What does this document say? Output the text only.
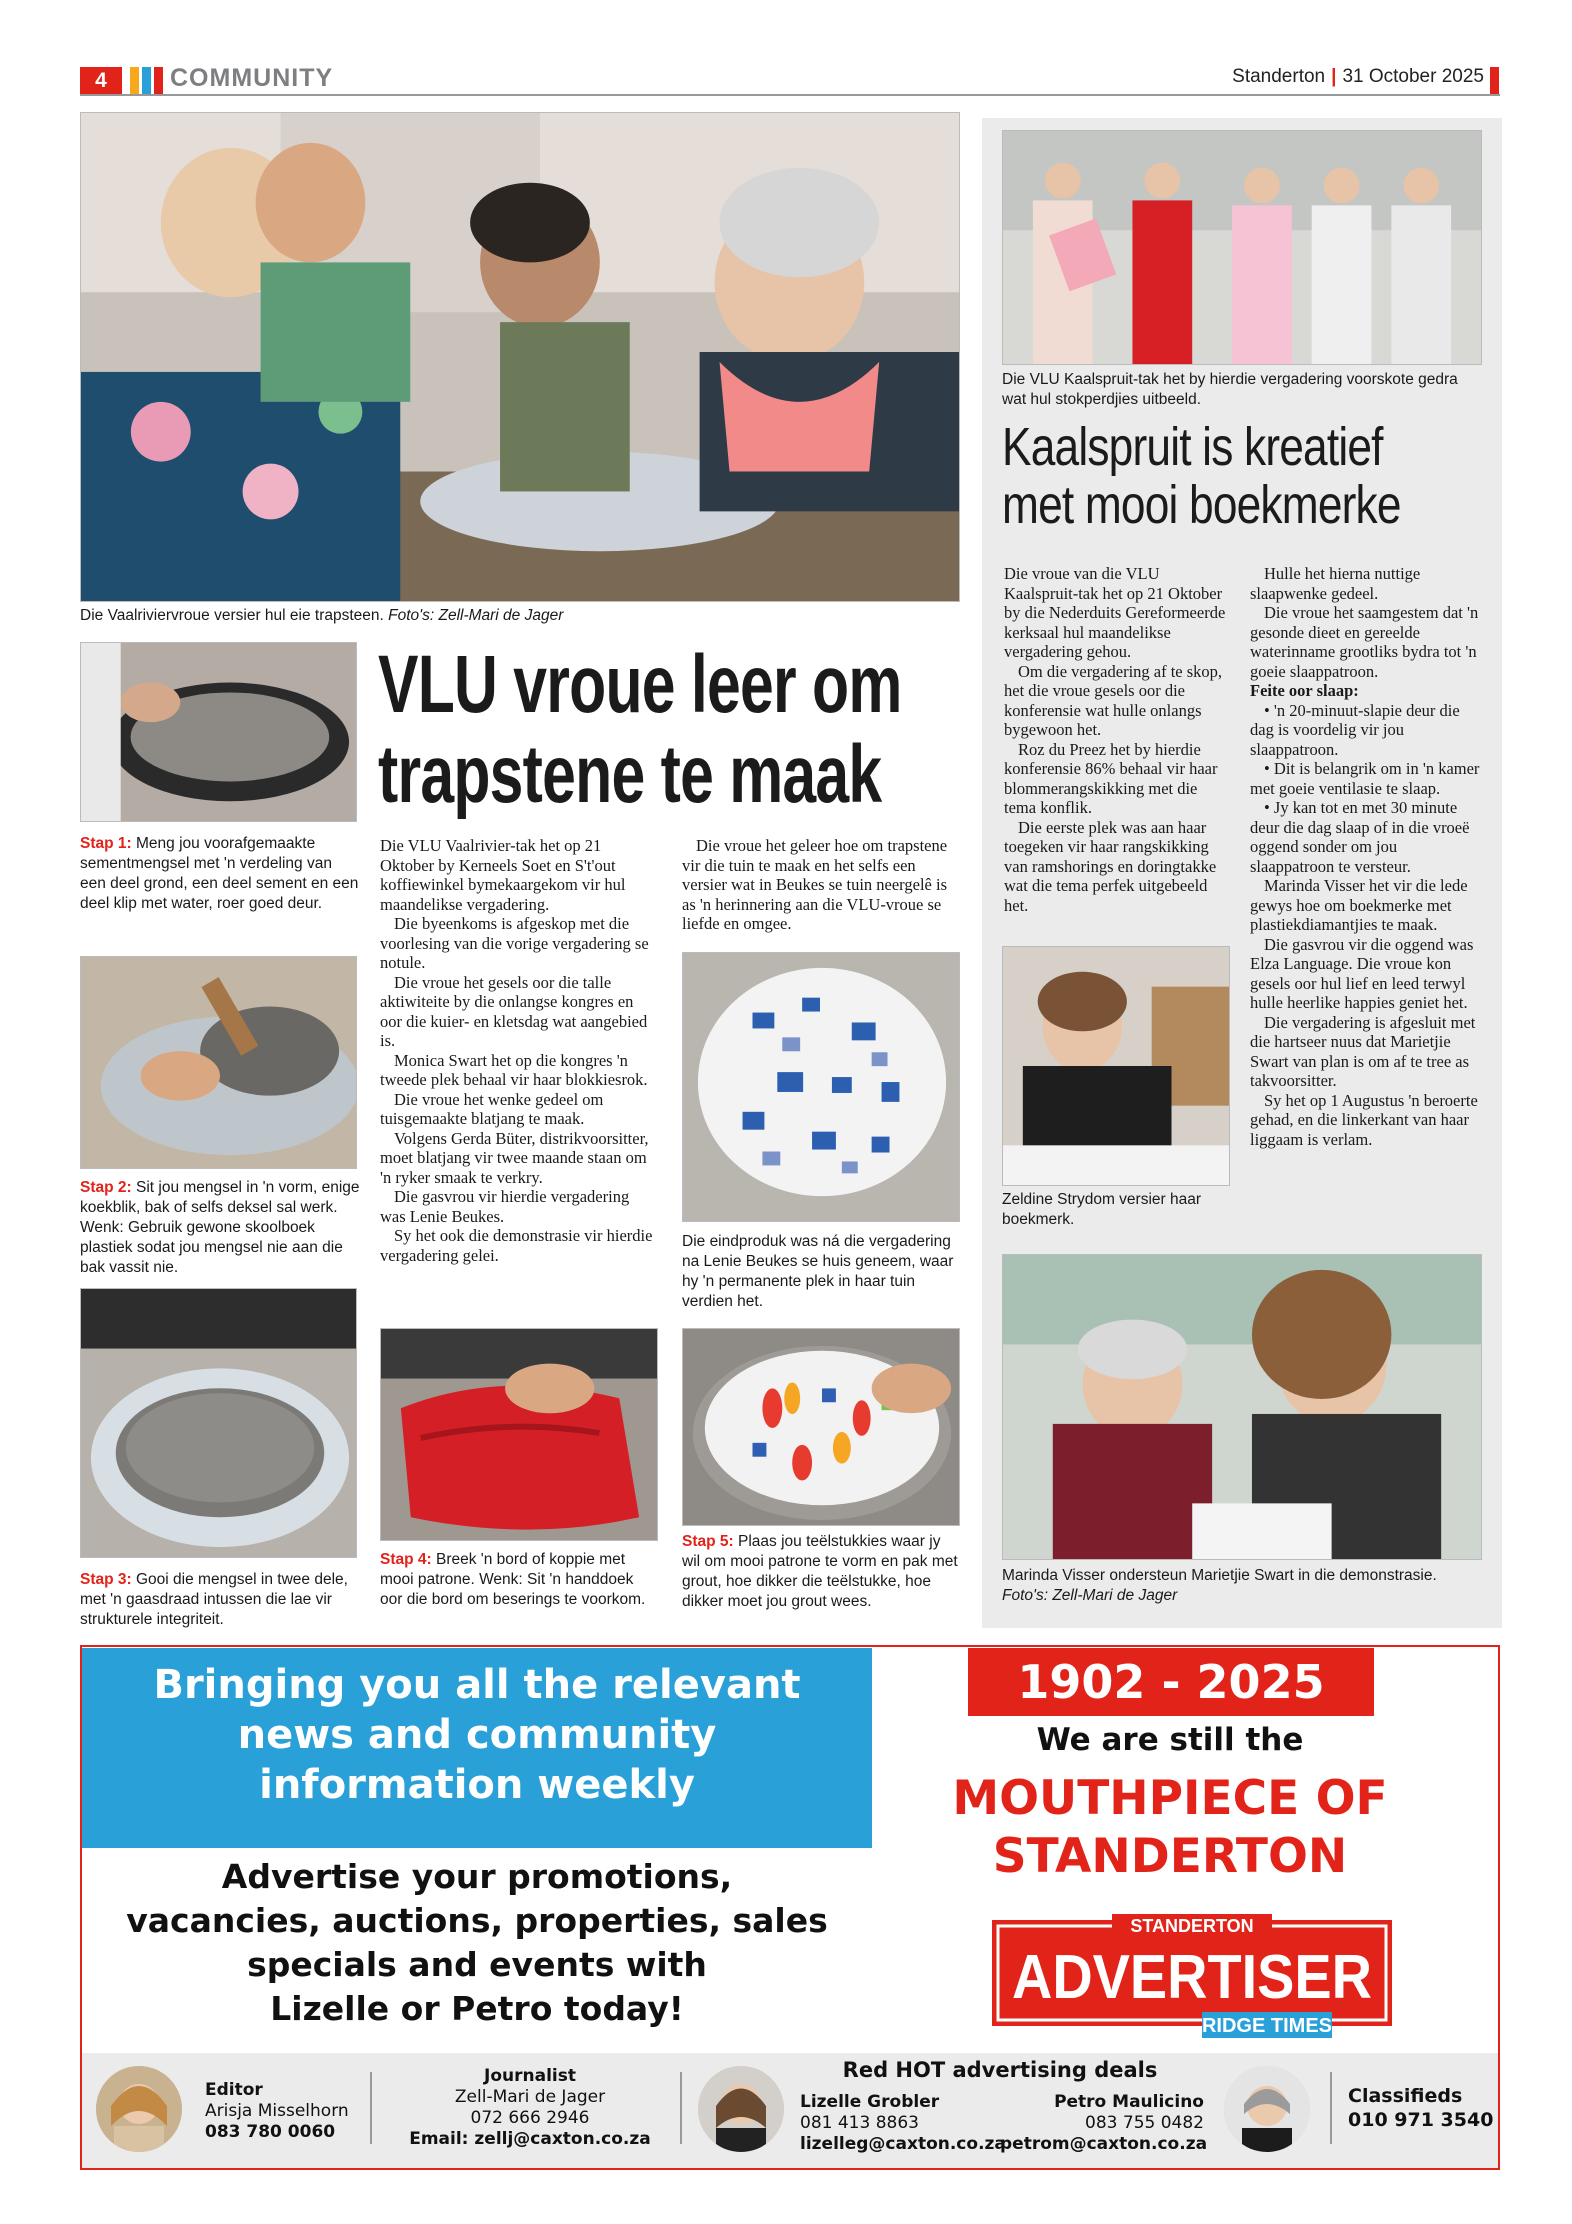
4	COMMUNITY	Standerton | 31 October 2025
Die Vaalriviervroue versier hul eie trapsteen. Foto's: Zell-Mari de Jager
Stap 1: Meng jou voorafgemaakte sementmengsel met 'n verdeling van een deel grond, een deel sement en een deel klip met water, roer goed deur.
Stap 2: Sit jou mengsel in 'n vorm, enige koekblik, bak of selfs deksel sal werk. Wenk: Gebruik gewone skoolboek plastiek sodat jou mengsel nie aan die bak vassit nie.
Stap 3: Gooi die mengsel in twee dele, met 'n gaasdraad intussen die lae vir strukturele integriteit.
VLU vroue leer om
trapstene te maak

Die VLU Vaalrivier-tak het op 21 Oktober by Kerneels Soet en S't'out koffiewinkel bymekaargekom vir hul maandelikse vergadering.

Die byeenkoms is afgeskop met die voorlesing van die vorige vergadering se notule.

Die vroue het gesels oor die talle aktiwiteite by die onlangse kongres en oor die kuier- en kletsdag wat aangebied is.

Monica Swart het op die kongres 'n tweede plek behaal vir haar blokkiesrok.

Die vroue het wenke gedeel om tuisgemaakte blatjang te maak.

Volgens Gerda Büter, distrikvoorsitter, moet blatjang vir twee maande staan om 'n ryker smaak te verkry.

Die gasvrou vir hierdie vergadering was Lenie Beukes.

Sy het ook die demonstrasie vir hierdie vergadering gelei.

Die vroue het geleer hoe om trapstene vir die tuin te maak en het selfs een versier wat in Beukes se tuin neergelê is as 'n herinnering aan die VLU-vroue se liefde en omgee.

Die eindproduk was ná die vergadering na Lenie Beukes se huis geneem, waar hy 'n permanente plek in haar tuin verdien het.
Stap 4: Breek 'n bord of koppie met mooi patrone. Wenk: Sit 'n handdoek oor die bord om beserings te voorkom.
Stap 5: Plaas jou teëlstukkies waar jy wil om mooi patrone te vorm en pak met grout, hoe dikker die teëlstukke, hoe dikker moet jou grout wees.
Die VLU Kaalspruit-tak het by hierdie vergadering voorskote gedra wat hul stokperdjies uitbeeld.
Kaalspruit is kreatief
met mooi boekmerke

Die vroue van die VLU Kaalspruit-tak het op 21 Oktober by die Nederduits Gereformeerde kerksaal hul maandelikse vergadering gehou.

Om die vergadering af te skop, het die vroue gesels oor die konferensie wat hulle onlangs bygewoon het.

Roz du Preez het by hierdie konferensie 86% behaal vir haar blommerangskikking met die tema konflik.

Die eerste plek was aan haar toegeken vir haar rangskikking van ramshorings en doringtakke wat die tema perfek uitgebeeld het.

Zeldine Strydom versier haar boekmerk.

Hulle het hierna nuttige slaapwenke gedeel.

Die vroue het saamgestem dat 'n gesonde dieet en gereelde waterinname grootliks bydra tot 'n goeie slaappatroon.

Feite oor slaap:

• 'n 20-minuut-slapie deur die dag is voordelig vir jou slaappatroon.

• Dit is belangrik om in 'n kamer met goeie ventilasie te slaap.

• Jy kan tot en met 30 minute deur die dag slaap of in die vroeë oggend sonder om jou slaappatroon te versteur.

Marinda Visser het vir die lede gewys hoe om boekmerke met plastiekdiamantjies te maak.

Die gasvrou vir die oggend was Elza Language. Die vroue kon gesels oor hul lief en leed terwyl hulle heerlike happies geniet het.

Die vergadering is afgesluit met die hartseer nuus dat Marietjie Swart van plan is om af te tree as takvoorsitter.

Sy het op 1 Augustus 'n beroerte gehad, en die linkerkant van haar liggaam is verlam.

Marinda Visser ondersteun Marietjie Swart in die demonstrasie.
Foto's: Zell-Mari de Jager
Bringing you all the relevant
news and community
information weekly
Advertise your promotions,
vacancies, auctions, properties, sales
specials and events with
Lizelle or Petro today!
1902 - 2025
We are still the
MOUTHPIECE OF
STANDERTON
STANDERTON
ADVERTISER
RIDGE TIMES
Editor
Arisja Misselhorn
083 780 0060
Journalist
Zell-Mari de Jager
072 666 2946
Email: zellj@caxton.co.za
Red HOT advertising deals
Lizelle Grobler
081 413 8863
lizelleg@caxton.co.za
Petro Maulicino
083 755 0482
petrom@caxton.co.za
Classifieds
010 971 3540
